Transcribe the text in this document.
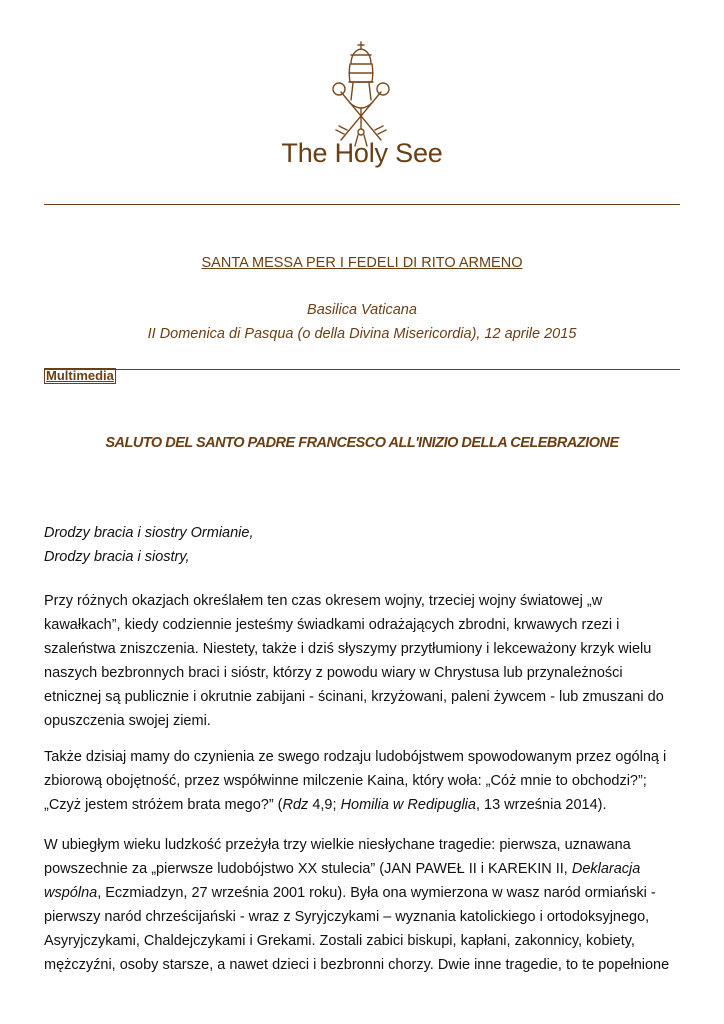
The Holy See
SANTA MESSA PER I FEDELI DI RITO ARMENO
Basilica Vaticana
II Domenica di Pasqua (o della Divina Misericordia), 12 aprile 2015
Multimedia
SALUTO DEL SANTO PADRE FRANCESCO ALL'INIZIO DELLA CELEBRAZIONE
Drodzy bracia i siostry Ormianie,
Drodzy bracia i siostry,
Przy różnych okazjach określałem ten czas okresem wojny, trzeciej wojny światowej „w
kawałkach”, kiedy codziennie jesteśmy świadkami odrażających zbrodni, krwawych rzezi i
szaleństwa zniszczenia. Niestety, także i dziś słyszymy przytłumiony i lekceważony krzyk wielu
naszych bezbronnych braci i sióstr, którzy z powodu wiary w Chrystusa lub przynależności
etnicznej są publicznie i okrutnie zabijani - ścinani, krzyżowani, paleni żywcem - lub zmuszani do
opuszczenia swojej ziemi.
Także dzisiaj mamy do czynienia ze swego rodzaju ludobójstwem spowodowanym przez ogólną i
zbiorową obojętność, przez współwinne milczenie Kaina, który woła: „Cóż mnie to obchodzi?”;
„Czyż jestem stróżem brata mego?” (Rdz 4,9; Homilia w Redipuglia, 13 września 2014).
W ubiegłym wieku ludzkość przeżyła trzy wielkie niesłychane tragedie: pierwsza, uznawana
powszechnie za „pierwsze ludobójstwo XX stulecia” (JAN PAWEŁ II i KAREKIN II, Deklaracja
wspólna, Eczmiadzyn, 27 września 2001 roku). Była ona wymierzona w wasz naród ormiański -
pierwszy naród chrześcijański - wraz z Syryjczykami – wyznania katolickiego i ortodoksyjnego,
Asyryjczykami, Chaldejczykami i Grekami. Zostali zabici biskupi, kapłani, zakonnicy, kobiety,
mężczyźni, osoby starsze, a nawet dzieci i bezbronni chorzy. Dwie inne tragedie, to te popełnione
